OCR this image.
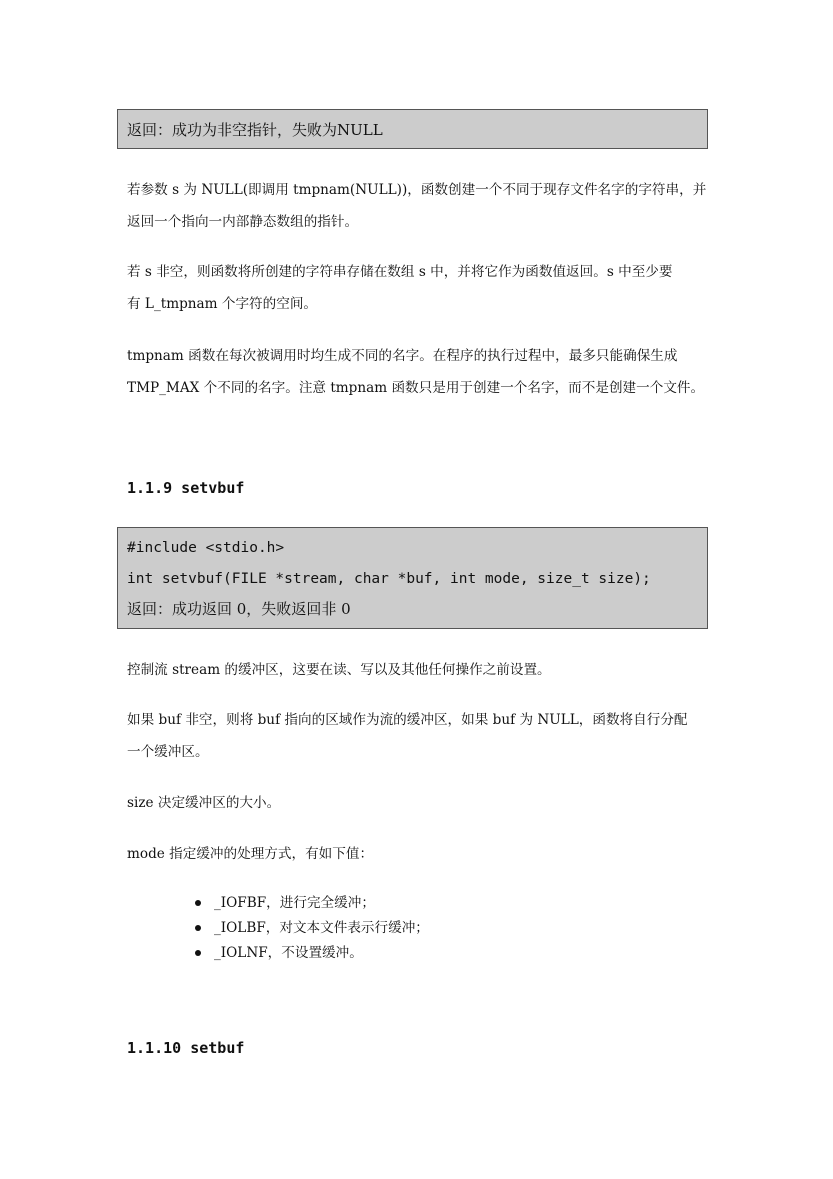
返回：成功为非空指针，失败为NULL
若参数 s 为 NULL(即调用 tmpnam(NULL))，函数创建一个不同于现存文件名字的字符串，并
返回一个指向一内部静态数组的指针。
若 s 非空，则函数将所创建的字符串存储在数组 s 中，并将它作为函数值返回。s 中至少要
有 L_tmpnam 个字符的空间。
tmpnam 函数在每次被调用时均生成不同的名字。在程序的执行过程中，最多只能确保生成
TMP_MAX 个不同的名字。注意 tmpnam 函数只是用于创建一个名字，而不是创建一个文件。
1.1.9 setvbuf
#include <stdio.h>
int setvbuf(FILE *stream, char *buf, int mode, size_t size);
返回：成功返回 0，失败返回非 0
控制流 stream 的缓冲区，这要在读、写以及其他任何操作之前设置。
如果 buf 非空，则将 buf 指向的区域作为流的缓冲区，如果 buf 为 NULL，函数将自行分配
一个缓冲区。
size 决定缓冲区的大小。
mode 指定缓冲的处理方式，有如下值：
_IOFBF，进行完全缓冲；
_IOLBF，对文本文件表示行缓冲；
_IOLNF，不设置缓冲。
1.1.10 setbuf
